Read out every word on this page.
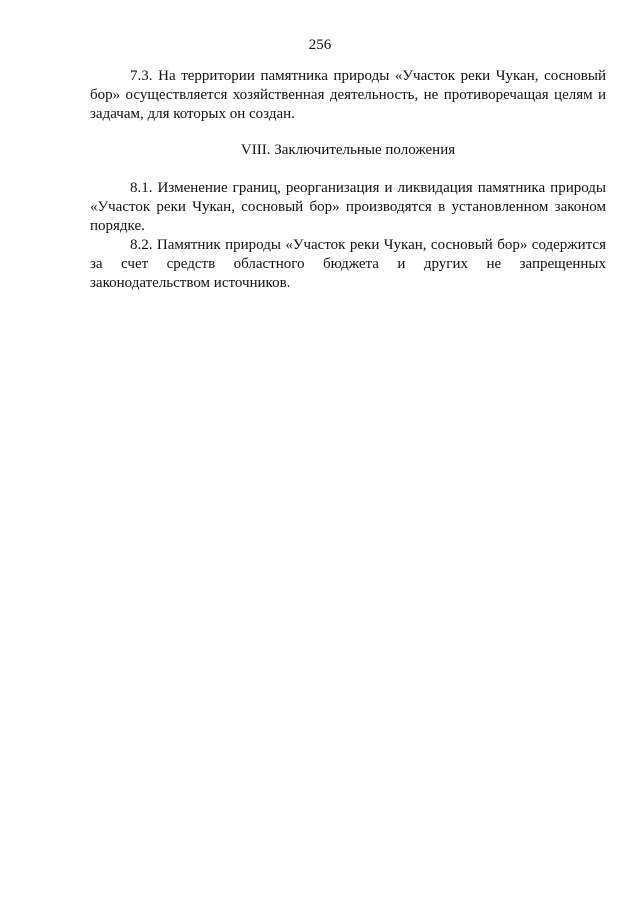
256

7.3. На территории памятника природы «Участок реки Чукан, сосновый бор» осуществляется хозяйственная деятельность, не противоречащая целям и задачам, для которых он создан.

VIII. Заключительные положения

8.1. Изменение границ, реорганизация и ликвидация памятника природы «Участок реки Чукан, сосновый бор» производятся в установленном законом порядке.

8.2. Памятник природы «Участок реки Чукан, сосновый бор» содержится за счет средств областного бюджета и других не запрещенных законодательством источников.
